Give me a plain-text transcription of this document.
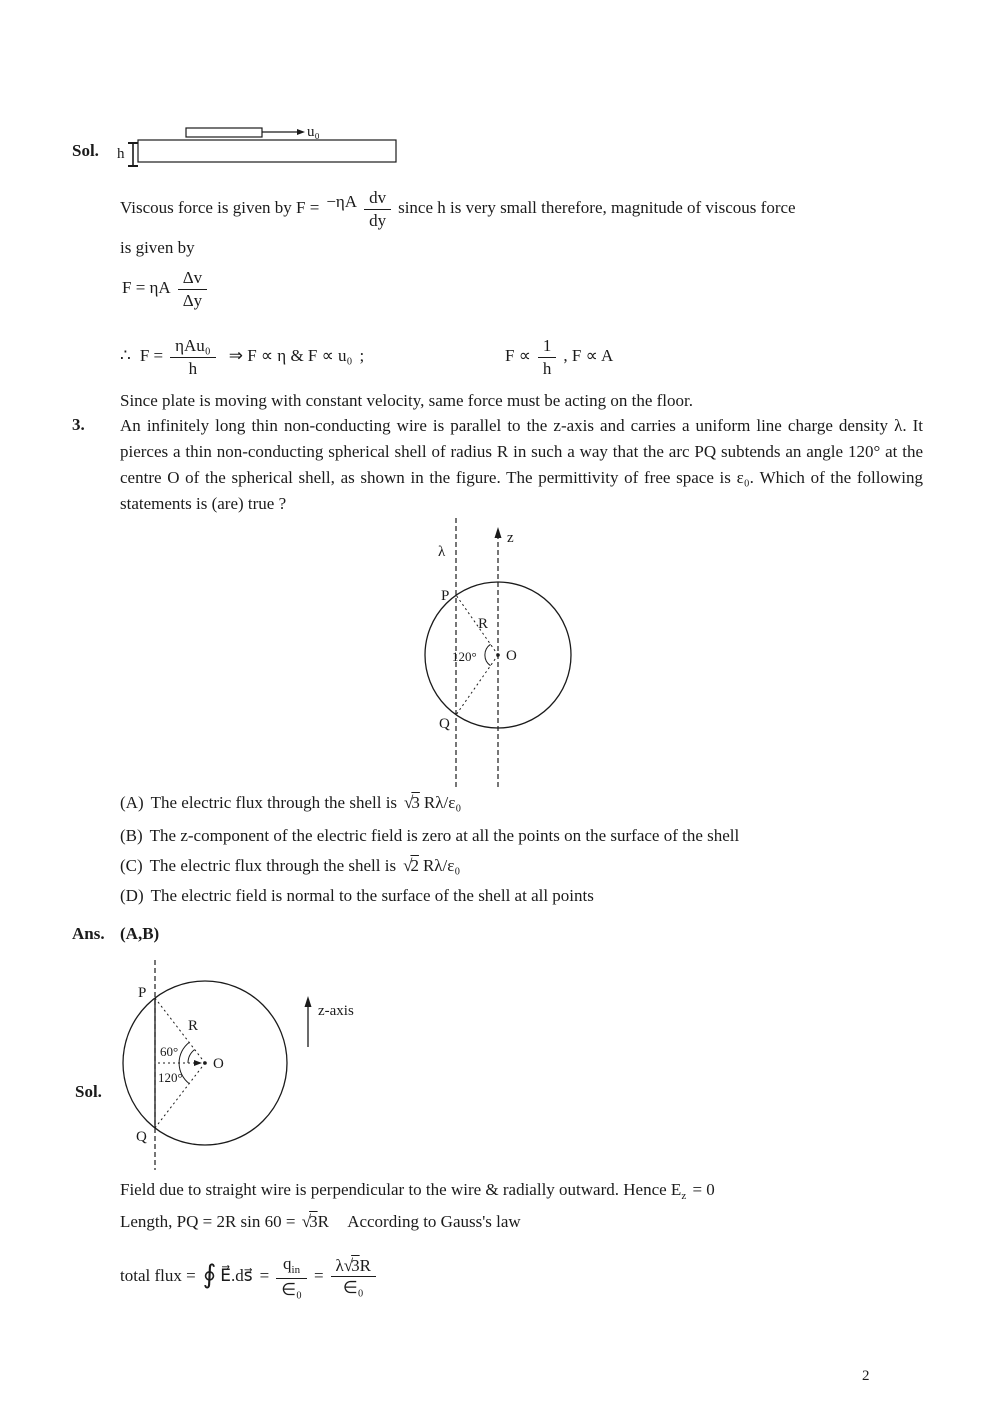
Sol.
u₀
h
Viscous force is given by $F = -\eta A \frac{dv}{dy}$ since h is very small therefore, magnitude of viscous force
is given by
F = ηA $\frac{\Delta v}{\Delta y}$
∴ $F = \frac{\text{ηAu₀}}{h}$ ⇒ F ∝ η & F ∝ u₀ ;	$F \propto \frac{1}{h}$ , F ∝ A
Since plate is moving with constant velocity, same force must be acting on the floor.
3. An infinitely long thin non-conducting wire is parallel to the z-axis and carries a uniform line charge density λ. It pierces a thin non-conducting spherical shell of radius R in such a way that the arc PQ subtends an angle 120° at the centre O of the spherical shell, as shown in the figure. The permittivity of free space is ε₀. Which of the following statements is (are) true ?
z
λ
P
Q
R
120° O
(A) The electric flux through the shell is √3 Rλ/ε₀
(B) The z-component of the electric field is zero at all the points on the surface of the shell
(C) The electric flux through the shell is √2 Rλ/ε₀
(D) The electric field is normal to the surface of the shell at all points
Ans. (A,B)
P
Q
R
60°
120°
O
z-axis
Sol.
Field due to straight wire is perpendicular to the wire & radially outward. Hence $E_z = 0$
Length, PQ = 2R sin 60 = √3R According to Gauss's law
total flux = ∮ E⃗.ds⃗ = $\frac{q_{in}}{\text{∈₀}} = \frac{\lambda√3R}{\text{∈₀}}$
2
